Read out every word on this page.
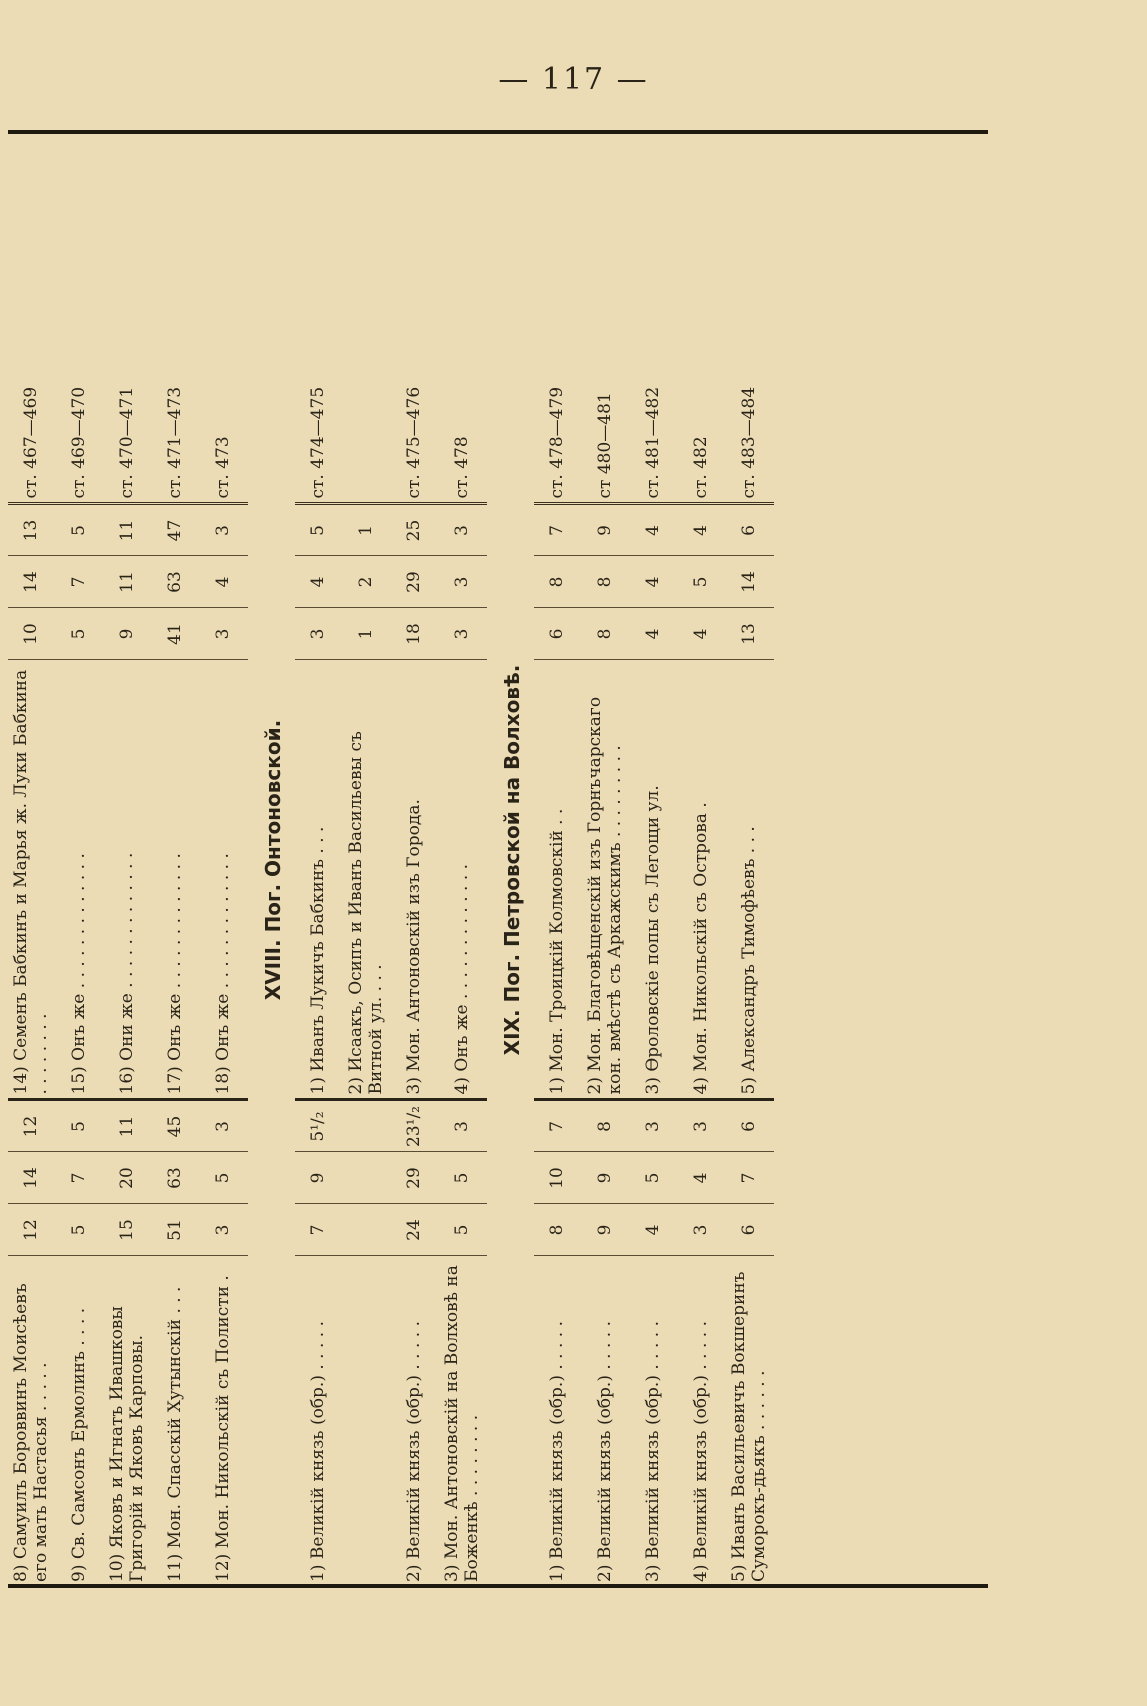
— 117 —
8) Самуилъ Бороввинъ Моисѣевъ его мать Настасья . . . . .	12	14	12	14) Семенъ Бабкинъ и Марья ж. Луки Бабкина . . . . . . . .	10	14	13	ст. 467—469
9) Св. Самсонъ Ермолинъ . . . .	5	7	5	15) Онъ же . . . . . . . . . . . . .	5	7	5	ст. 469—470
10) Яковъ и Игнатъ Ивашковы Григорій и Яковъ Карповы.	15	20	11	16) Они же . . . . . . . . . . . . .	9	11	11	ст. 470—471
11) Мон. Спасскій Хутынскій . . .	51	63	45	17) Онъ же . . . . . . . . . . . . .	41	63	47	ст. 471—473
12) Мон. Никольскій съ Полисти .	3	5	3	18) Онъ же . . . . . . . . . . . . .	3	4	3	ст. 473
XVIII. Пог. Онтоновской.								
1) Великій князь (обр.) . . . . .	7	9	5¹/₂	1) Иванъ Лукичъ Бабкинъ . . .	3	4	5	ст. 474—475
				2) Исаакъ, Осипъ и Иванъ Васильевы съ Витной ул. . . .	1	2	1	
2) Великій князь (обр.) . . . . .	24	29	23¹/₂	3) Мон. Антоновскій изъ Города.	18	29	25	ст. 475—476
3) Мон. Антоновскій на Волховѣ на Боженкѣ . . . . . . . .	5	5	3	4) Онъ же . . . . . . . . . . . . .	3	3	3	ст. 478
XIX. Пог. Петровской на Волховѣ.								
1) Великій князь (обр.) . . . . .	8	10	7	1) Мон. Троицкій Колмовскій . .	6	8	7	ст. 478—479
2) Великій князь (обр.) . . . . .	9	9	8	2) Мон. Благовѣщенскій изъ Горнъчарскаго кон. вмѣстѣ съ Аркажскимъ . . . . . . . . .	8	8	9	ст 480—481
3) Великій князь (обр.) . . . . .	4	5	3	3) Ѳроловскіе попы съ Легощи ул.	4	4	4	ст. 481—482
4) Великій князь (обр.) . . . . .	3	4	3	4) Мон. Никольскій съ Острова .	4	5	4	ст. 482
5) Иванъ Васильевичъ Вокшеринъ Суморокъ-дьякъ . . . . . .	6	7	6	5) Александръ Тимофѣевъ . . .	13	14	6	ст. 483—484
